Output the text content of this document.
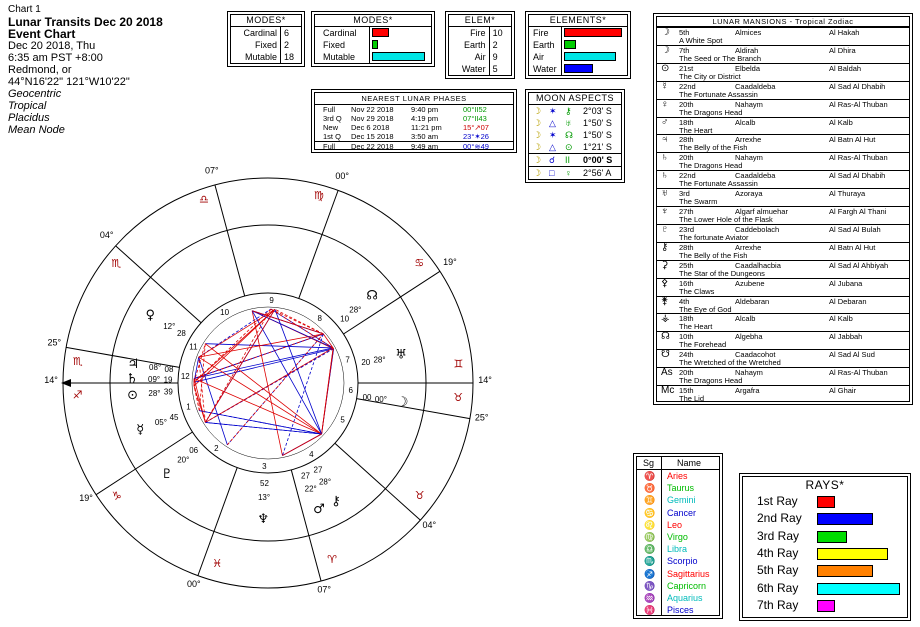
Chart 1
Lunar Transits Dec 20 2018
Event Chart
Dec 20 2018, Thu
6:35 am PST +8:00
Redmond, or
44°N16'22" 121°W10'22"
Geocentric
Tropical
Placidus
Mean Node
MODES*
Cardinal	6
Fixed	2
Mutable	18
MODES*
Cardinal
Fixed
Mutable
ELEM*
Fire	10
Earth	2
Air	9
Water	5
ELEMENTS*
Fire
Earth
Air
Water
NEAREST LUNAR PHASES
Full Nov 22 2018 9:40 pm	00°II52
3rd Q Nov 29 2018 4:19 pm	07°II43
New Dec 6 2018	11:21 pm	15°↗07
1st Q Dec 15 2018 3:50 am	23°✶26
Full Dec 22 2018 9:49 am	00°≋49
MOON ASPECTS
☽ ✶ ⚷ 2°03' S
☽ △ ♅ 1°50' S
☽ ✶ ☊ 1°50' S
☽ △ ⊙ 1°21' S
☽ ☌ II 0°00' S
☽ □ ♀ 2°56' A
LUNAR MANSIONS - Tropical Zodiac
☽ 5th	Almices	Al Hakah
A White Spot
☽ 7th	Aldirah	Al Dhira
The Seed or The Branch
⊙ 21st	Elbelda	Al Baldah
The City or District
☿ 22nd	Caadaldeba	Al Sad Al Dhabih
The Fortunate Assassin
♀ 20th	Nahaym	Al Ras-Al Thuban
The Dragons Head
♂ 18th	Alcalb	Al Kalb
The Heart
♃ 28th	Arrexhe	Al Batn Al Hut
The Belly of the Fish
♄ 20th	Nahaym	Al Ras-Al Thuban
The Dragons Head
♄ 22nd	Caadaldeba	Al Sad Al Dhabih
The Fortunate Assassin
♅ 3rd	Azoraya	Al Thuraya
The Swarm
♆ 27th	Algarf almuehar	Al Fargh Al Thani
The Lower Hole of the Flask
♇ 23rd	Caddebolach	Al Sad Al Bulah
The fortunate Aviator
⚷ 28th	Arrexhe	Al Batn Al Hut
The Belly of the Fish
⚳ 25th	Caadalhacbia	Al Sad Al Ahbiyah
The Star of the Dungeons
⚴ 16th	Azubene	Al Jubana
The Claws
⚵ 4th	Aldebaran	Al Debaran
The Eye of God
⚶ 18th	Alcalb	Al Kalb
The Heart
☊ 10th	Algebha	Al Jabbah
The Forehead
☋ 24th	Caadacohot	Al Sad Al Sud
The Wretched of the Wretched
As 20th	Nahaym	Al Ras-Al Thuban
The Dragons Head
Mc 15th	Argafra	Al Ghair
The Lid
Sg	Name
♈	Aries
♉	Taurus
♊	Gemini
♋	Cancer
♌	Leo
♍	Virgo
♎	Libra
♏	Scorpio
♐	Sagittarius
♑	Capricorn
♒	Aquarius
♓	Pisces
RAYS*
1st Ray
2nd Ray
3rd Ray
4th Ray
5th Ray
6th Ray
7th Ray
14°
♐
1
19° ♑
2
00°
♓
3
07°
♈
4
04°
♉
5	25°
♉
6
14°
♊
7
19°
♋
8
00°
♍
9
07°
♎
10
04°
♏
11
25°
♏
12
☽
00°
00
⊙ 28° 39
♀
12°
28
♇
20°
06
♆
13°
52
♂
22°
27
⚷
28°
27
♅
28°
20
☊
28°
10
♃ 08° 08
☿
05°
45
♄ 09° 19
